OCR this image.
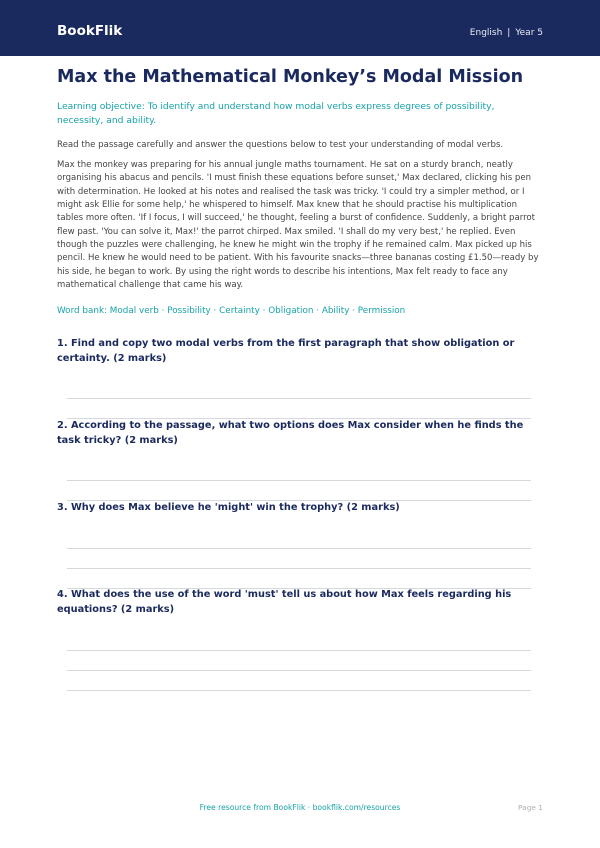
BookFlik	English | Year 5
Max the Mathematical Monkey’s Modal Mission
Learning objective: To identify and understand how modal verbs express degrees of possibility, necessity, and ability.
Read the passage carefully and answer the questions below to test your understanding of modal verbs.
Max the monkey was preparing for his annual jungle maths tournament. He sat on a sturdy branch, neatly organising his abacus and pencils. 'I must finish these equations before sunset,' Max declared, clicking his pen with determination. He looked at his notes and realised the task was tricky. 'I could try a simpler method, or I might ask Ellie for some help,' he whispered to himself. Max knew that he should practise his multiplication tables more often. 'If I focus, I will succeed,' he thought, feeling a burst of confidence. Suddenly, a bright parrot flew past. 'You can solve it, Max!' the parrot chirped. Max smiled. 'I shall do my very best,' he replied. Even though the puzzles were challenging, he knew he might win the trophy if he remained calm. Max picked up his pencil. He knew he would need to be patient. With his favourite snacks—three bananas costing £1.50—ready by his side, he began to work. By using the right words to describe his intentions, Max felt ready to face any mathematical challenge that came his way.
Word bank: Modal verb · Possibility · Certainty · Obligation · Ability · Permission
1. Find and copy two modal verbs from the first paragraph that show obligation or certainty. (2 marks)
2. According to the passage, what two options does Max consider when he finds the task tricky? (2 marks)
3. Why does Max believe he 'might' win the trophy? (2 marks)
4. What does the use of the word 'must' tell us about how Max feels regarding his equations? (2 marks)
Free resource from BookFlik · bookflik.com/resources	Page 1
